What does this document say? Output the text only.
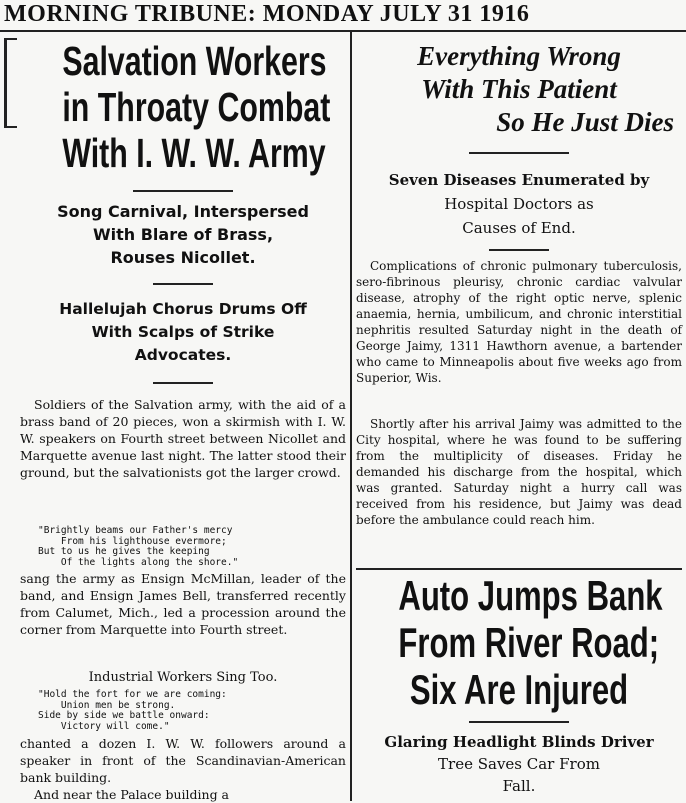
MORNING TRIBUNE: MONDAY JULY 31 1916

Salvation Workers

in Throaty Combat

With I. W. W. Army

Song Carnival, Interspersed

With Blare of Brass,

Rouses Nicollet.

Hallelujah Chorus Drums Off

With Scalps of Strike

Advocates.

Soldiers of the Salvation army, with the aid of a brass band of 20 pieces, won a skirmish with I. W. W. speakers on Fourth street between Nicollet and Marquette avenue last night. The latter stood their ground, but the salvationists got the larger crowd.

"Brightly beams our Father's mercy

From his lighthouse evermore;

But to us he gives the keeping

Of the lights along the shore."

sang the army as Ensign McMillan, leader of the band, and Ensign James Bell, transferred recently from Calumet, Mich., led a procession around the corner from Marquette into Fourth street.

Industrial Workers Sing Too.

"Hold the fort for we are coming:

Union men be strong.

Side by side we battle onward:

Victory will come."

chanted a dozen I. W. W. followers around a speaker in front of the Scandinavian-American bank building.

And near the Palace building a

Everything Wrong

With This Patient

So He Just Dies

Seven Diseases Enumerated by

Hospital Doctors as

Causes of End.

Complications of chronic pulmonary tuberculosis, sero-fibrinous pleurisy, chronic cardiac valvular disease, atrophy of the right optic nerve, splenic anaemia, hernia, umbilicum, and chronic interstitial nephritis resulted Saturday night in the death of George Jaimy, 1311 Hawthorn avenue, a bartender who came to Minneapolis about five weeks ago from Superior, Wis.

Shortly after his arrival Jaimy was admitted to the City hospital, where he was found to be suffering from the multiplicity of diseases. Friday he demanded his discharge from the hospital, which was granted. Saturday night a hurry call was received from his residence, but Jaimy was dead before the ambulance could reach him.

Auto Jumps Bank

From River Road;

Six Are Injured

Glaring Headlight Blinds Driver

Tree Saves Car From

Fall.
